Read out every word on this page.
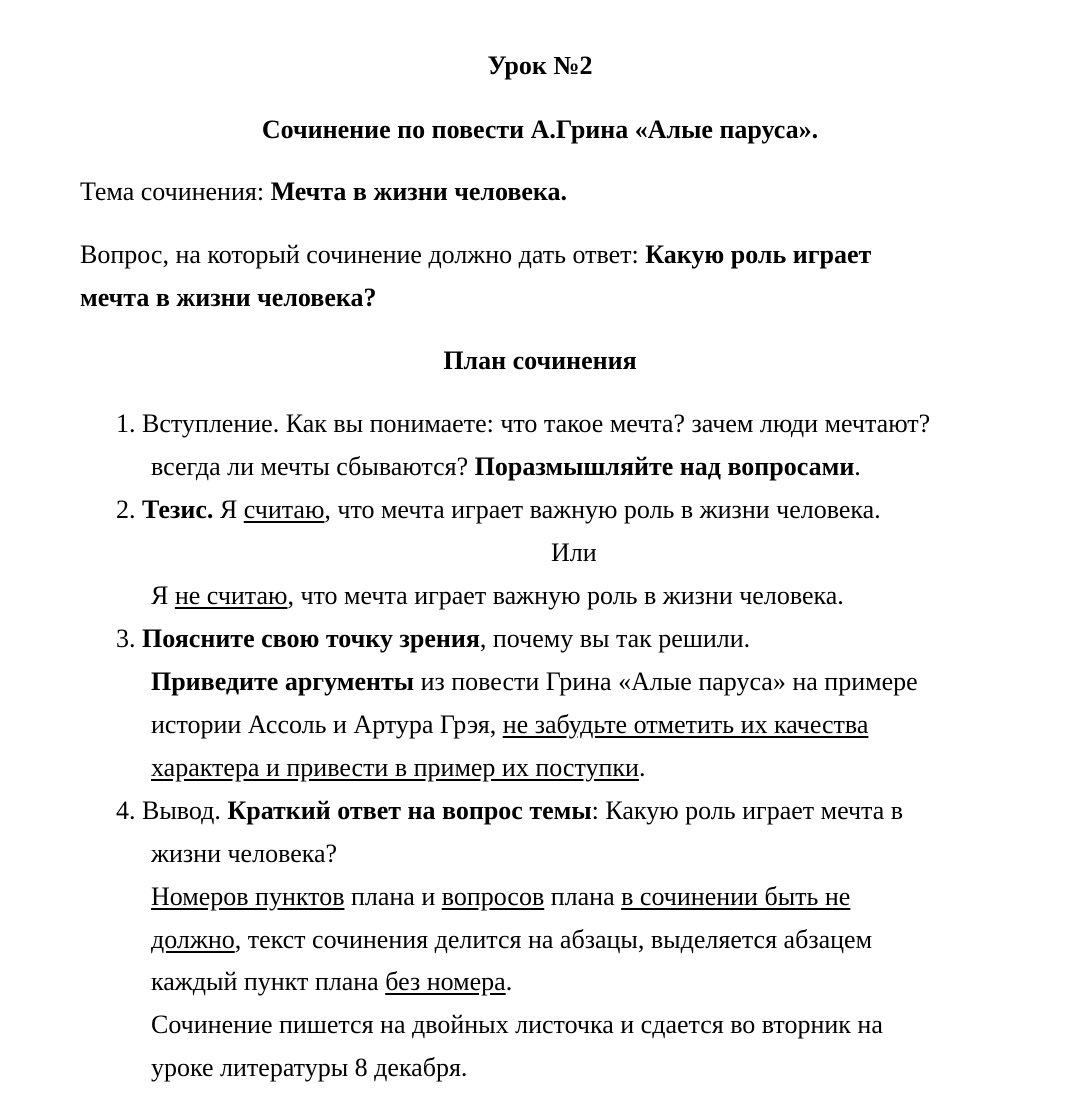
Урок №2
Сочинение по повести А.Грина «Алые паруса».
Тема сочинения: Мечта в жизни человека.
Вопрос, на который сочинение должно дать ответ: Какую роль играет
мечта в жизни человека?
План сочинения
1. Вступление. Как вы понимаете: что такое мечта? зачем люди мечтают?
всегда ли мечты сбываются? Поразмышляйте над вопросами.
2. Тезис. Я считаю, что мечта играет важную роль в жизни человека.
Или
Я не считаю, что мечта играет важную роль в жизни человека.
3. Поясните свою точку зрения, почему вы так решили.
Приведите аргументы из повести Грина «Алые паруса» на примере
истории Ассоль и Артура Грэя, не забудьте отметить их качества
характера и привести в пример их поступки.
4. Вывод. Краткий ответ на вопрос темы: Какую роль играет мечта в
жизни человека?
Номеров пунктов плана и вопросов плана в сочинении быть не
должно, текст сочинения делится на абзацы, выделяется абзацем
каждый пункт плана без номера.
Сочинение пишется на двойных листочка и сдается во вторник на
уроке литературы 8 декабря.
